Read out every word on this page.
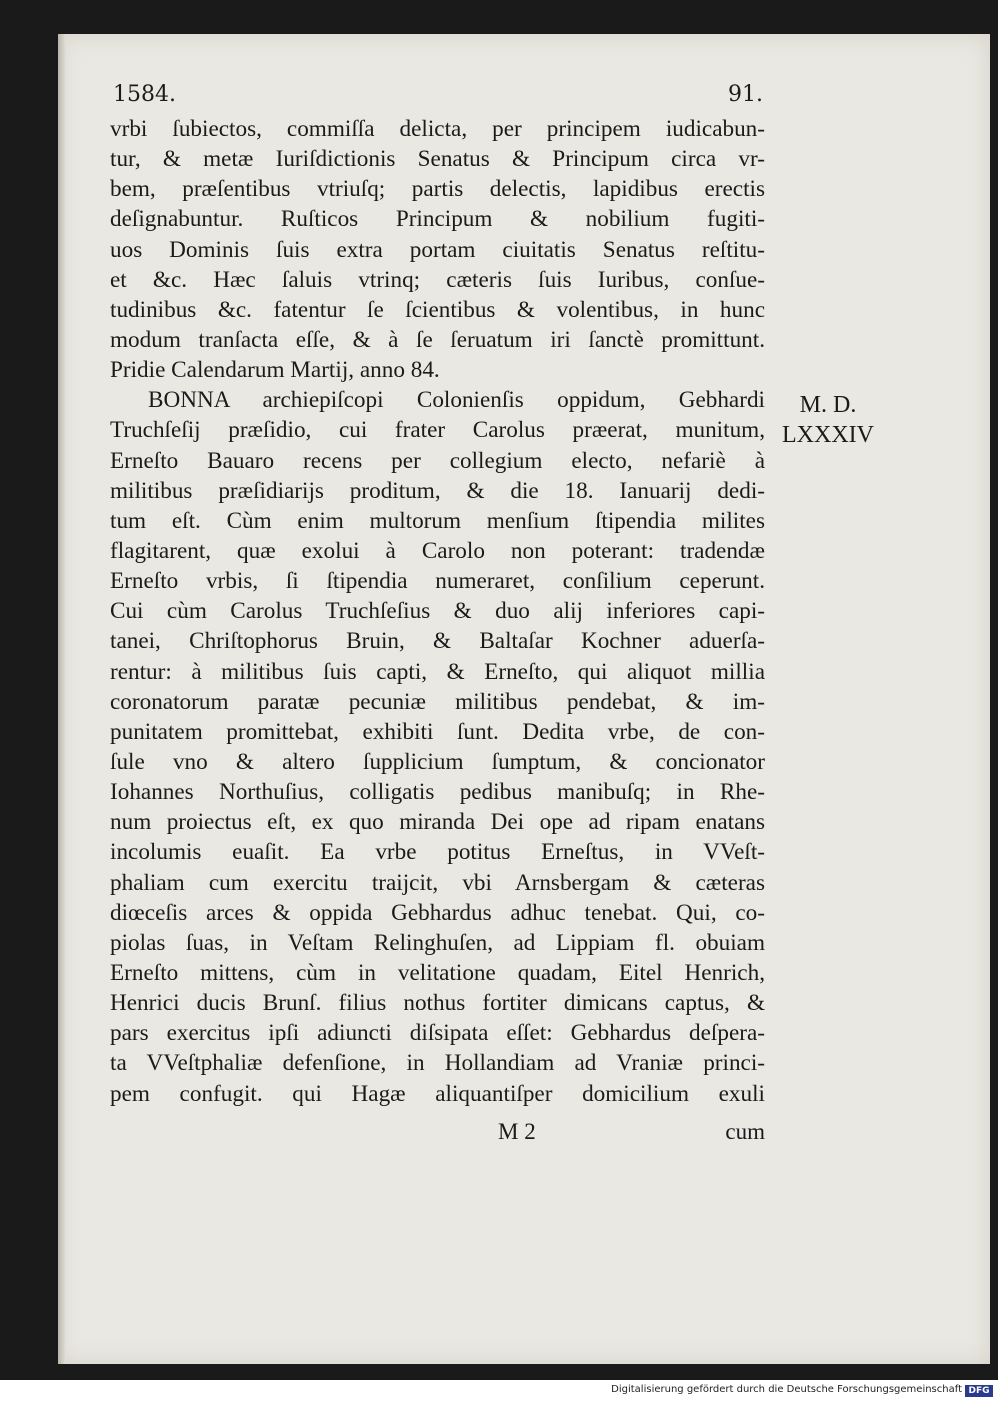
1584.	91.
vrbi ſubiectos, commiſſa delicta, per principem iudicabun-
tur, & metæ Iuriſdictionis Senatus & Principum circa vr-
bem, præſentibus vtriuſq; partis delectis, lapidibus erectis
deſignabuntur. Ruſticos Principum & nobilium fugiti-
uos Dominis ſuis extra portam ciuitatis Senatus reſtitu-
et &c. Hæc ſaluis vtrinq; cæteris ſuis Iuribus, conſue-
tudinibus &c. fatentur ſe ſcientibus & volentibus, in hunc
modum tranſacta eſſe, & à ſe ſeruatum iri ſanctè promittunt.
Pridie Calendarum Martij, anno 84.
BONNA archiepiſcopi Colonienſis oppidum, Gebhardi
Truchſeſij præſidio, cui frater Carolus præerat, munitum,
Erneſto Bauaro recens per collegium electo, nefariè à
militibus præſidiarijs proditum, & die 18. Ianuarij dedi-
tum eſt. Cùm enim multorum menſium ſtipendia milites
flagitarent, quæ exolui à Carolo non poterant: tradendæ
Erneſto vrbis, ſi ſtipendia numeraret, conſilium ceperunt.
Cui cùm Carolus Truchſeſius & duo alij inferiores capi-
tanei, Chriſtophorus Bruin, & Baltaſar Kochner aduerſa-
rentur: à militibus ſuis capti, & Erneſto, qui aliquot millia
coronatorum paratæ pecuniæ militibus pendebat, & im-
punitatem promittebat, exhibiti ſunt. Dedita vrbe, de con-
ſule vno & altero ſupplicium ſumptum, & concionator
Iohannes Northuſius, colligatis pedibus manibuſq; in Rhe-
num proiectus eſt, ex quo miranda Dei ope ad ripam enatans
incolumis euaſit. Ea vrbe potitus Erneſtus, in VVeſt-
phaliam cum exercitu traijcit, vbi Arnsbergam & cæteras
diœceſis arces & oppida Gebhardus adhuc tenebat. Qui, co-
piolas ſuas, in Veſtam Relinghuſen, ad Lippiam fl. obuiam
Erneſto mittens, cùm in velitatione quadam, Eitel Henrich,
Henrici ducis Brunſ. filius nothus fortiter dimicans captus, &
pars exercitus ipſi adiuncti diſsipata eſſet: Gebhardus deſpera-
ta VVeſtphaliæ defenſione, in Hollandiam ad Vraniæ princi-
pem confugit. qui Hagæ aliquantiſper domicilium exuli
M. D.
LXXXIV
M 2	cum
Digitalisierung gefördert durch die Deutsche Forschungsgemeinschaft DFG
